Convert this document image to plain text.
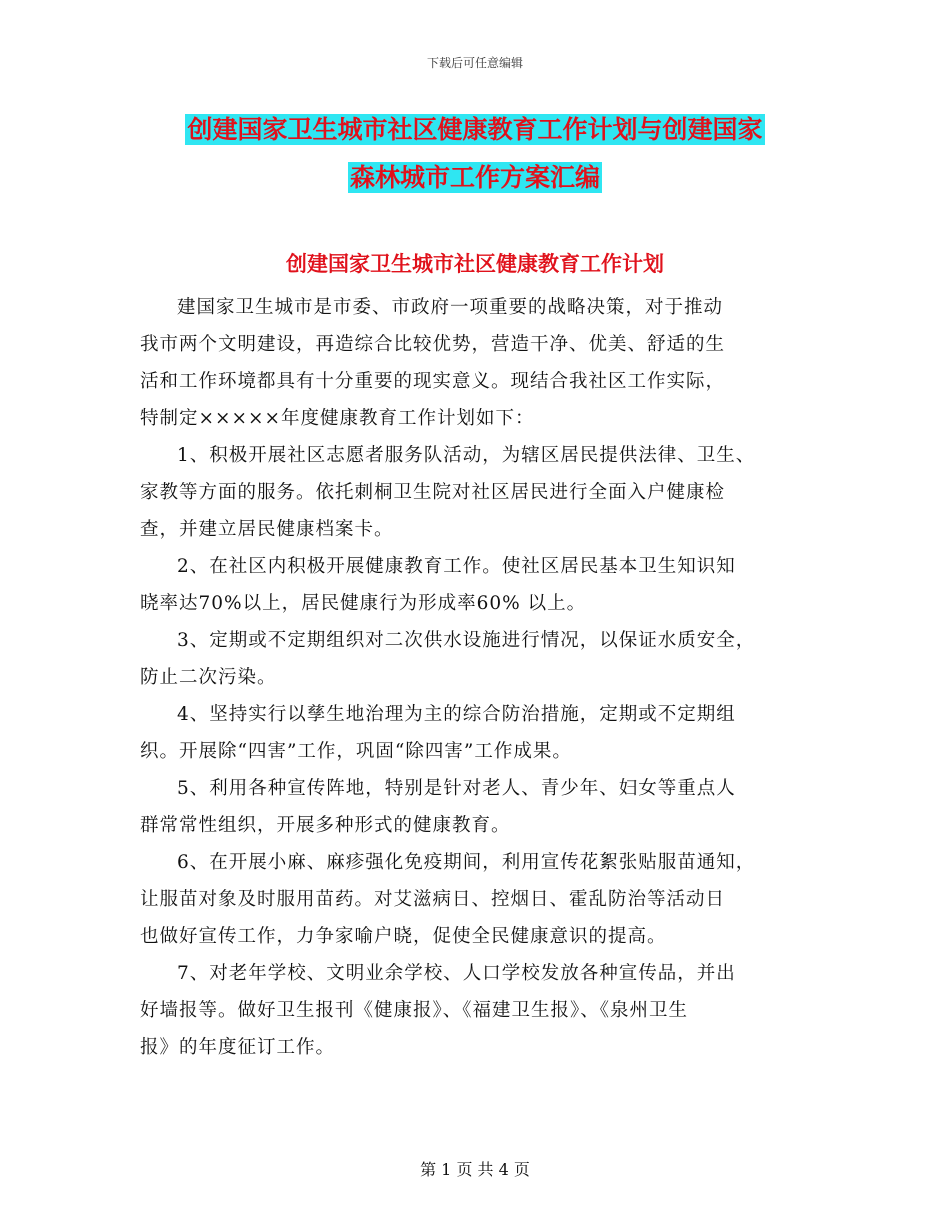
下载后可任意编辑
创建国家卫生城市社区健康教育工作计划与创建国家
森林城市工作方案汇编
创建国家卫生城市社区健康教育工作计划

建国家卫生城市是市委、市政府一项重要的战略决策，对于推动
我市两个文明建设，再造综合比较优势，营造干净、优美、舒适的生
活和工作环境都具有十分重要的现实意义。现结合我社区工作实际，
特制定×××××年度健康教育工作计划如下：

1、积极开展社区志愿者服务队活动，为辖区居民提供法律、卫生、
家教等方面的服务。依托刺桐卫生院对社区居民进行全面入户健康检
查，并建立居民健康档案卡。

2、在社区内积极开展健康教育工作。使社区居民基本卫生知识知
晓率达70%以上，居民健康行为形成率60% 以上。

3、定期或不定期组织对二次供水设施进行情况，以保证水质安全，
防止二次污染。

4、坚持实行以孳生地治理为主的综合防治措施，定期或不定期组
织。开展除“四害”工作，巩固“除四害”工作成果。

5、利用各种宣传阵地，特别是针对老人、青少年、妇女等重点人
群常常性组织，开展多种形式的健康教育。

6、在开展小麻、麻疹强化免疫期间，利用宣传花絮张贴服苗通知，
让服苗对象及时服用苗药。对艾滋病日、控烟日、霍乱防治等活动日
也做好宣传工作，力争家喻户晓，促使全民健康意识的提高。

7、对老年学校、文明业余学校、人口学校发放各种宣传品，并出
好墙报等。做好卫生报刊《健康报》、《福建卫生报》、《泉州卫生
报》的年度征订工作。

第 1 页 共 4 页
